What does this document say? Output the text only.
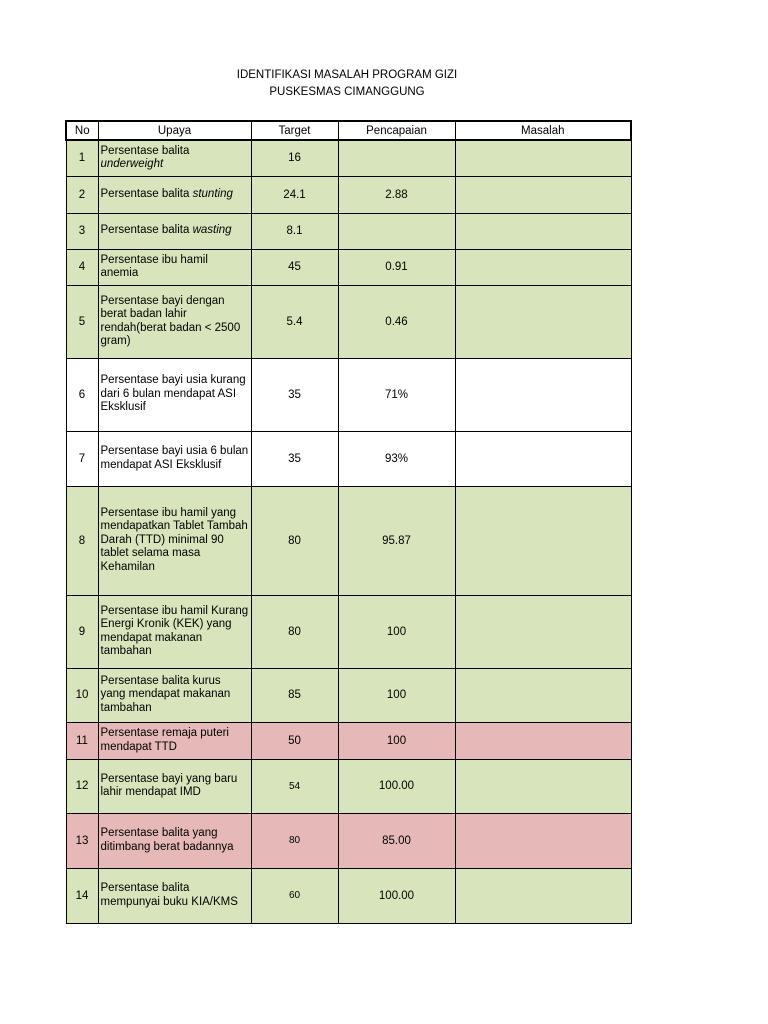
IDENTIFIKASI MASALAH PROGRAM GIZI
PUSKESMAS CIMANGGUNG
No	Upaya	Target	Pencapaian	Masalah
1	Persentase balita underweight	16		
2	Persentase balita stunting	24.1	2.88	
3	Persentase balita wasting	8.1		
4	Persentase ibu hamil anemia	45	0.91	
5	Persentase bayi dengan berat badan lahir rendah(berat badan < 2500 gram)	5.4	0.46	
6	Persentase bayi usia kurang dari 6 bulan mendapat ASI Eksklusif	35	71%	
7	Persentase bayi usia 6 bulan mendapat ASI Eksklusif	35	93%	
8	Persentase ibu hamil yang mendapatkan Tablet Tambah Darah (TTD) minimal 90 tablet selama masa Kehamilan	80	95.87	
9	Persentase ibu hamil Kurang Energi Kronik (KEK) yang mendapat makanan tambahan	80	100	
10	Persentase balita kurus yang mendapat makanan tambahan	85	100	
11	Persentase remaja puteri mendapat TTD	50	100	
12	Persentase bayi yang baru lahir mendapat IMD	54	100.00	
13	Persentase balita yang ditimbang berat badannya	80	85.00	
14	Persentase balita mempunyai buku KIA/KMS	60	100.00	
